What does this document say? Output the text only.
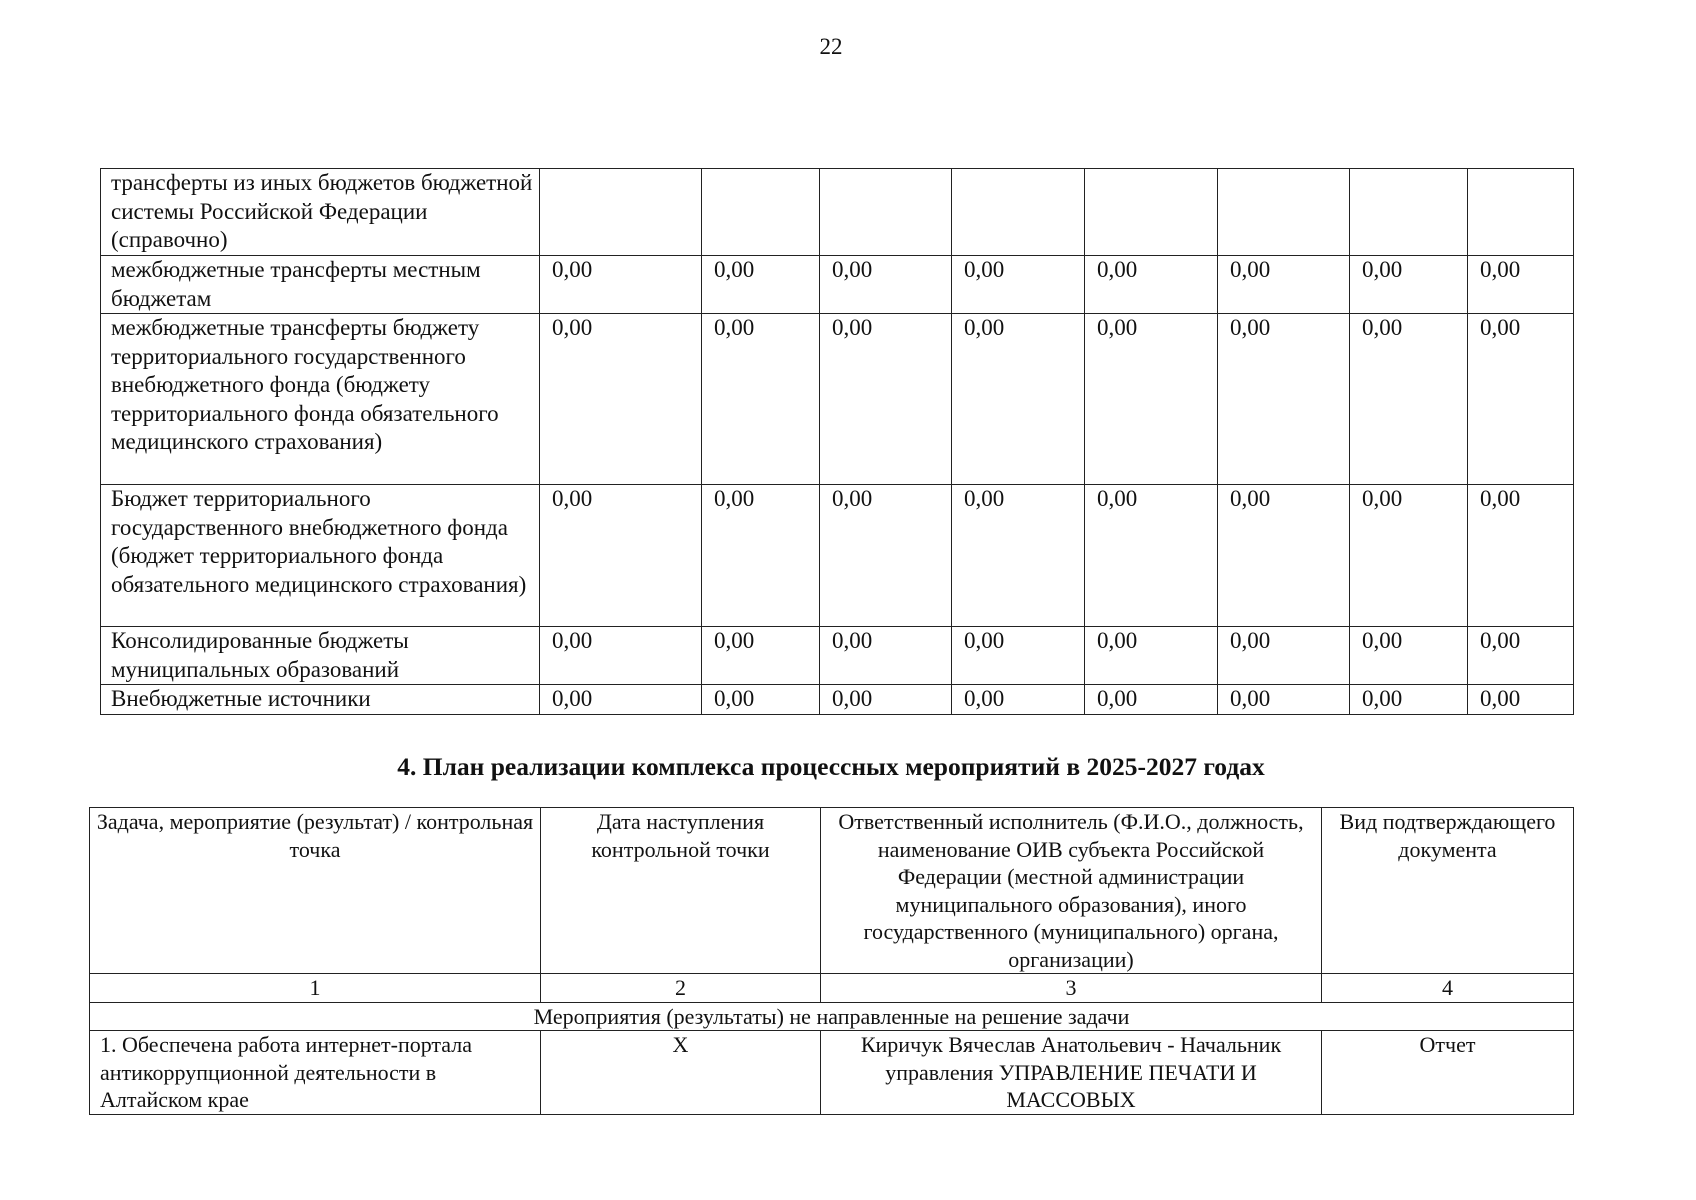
22
трансферты из иных бюджетов бюджетной системы Российской Федерации (справочно)								
межбюджетные трансферты местным бюджетам	0,00	0,00	0,00	0,00	0,00	0,00	0,00	0,00
межбюджетные трансферты бюджету территориального государственного внебюджетного фонда (бюджету территориального фонда обязательного медицинского страхования)	0,00	0,00	0,00	0,00	0,00	0,00	0,00	0,00
Бюджет территориального государственного внебюджетного фонда (бюджет территориального фонда обязательного медицинского страхования)	0,00	0,00	0,00	0,00	0,00	0,00	0,00	0,00
Консолидированные бюджеты муниципальных образований	0,00	0,00	0,00	0,00	0,00	0,00	0,00	0,00
Внебюджетные источники	0,00	0,00	0,00	0,00	0,00	0,00	0,00	0,00
4. План реализации комплекса процессных мероприятий в 2025-2027 годах
Задача, мероприятие (результат) / контрольная точка	Дата наступления контрольной точки	Ответственный исполнитель (Ф.И.О., должность, наименование ОИВ субъекта Российской Федерации (местной администрации муниципального образования), иного государственного (муниципального) органа, организации)	Вид подтверждающего документа
1	2	3	4
Мероприятия (результаты) не направленные на решение задачи			
1. Обеспечена работа интернет-портала антикоррупционной деятельности в Алтайском крае	X	Киричук Вячеслав Анатольевич - Начальник управления УПРАВЛЕНИЕ ПЕЧАТИ И МАССОВЫХ	Отчет
